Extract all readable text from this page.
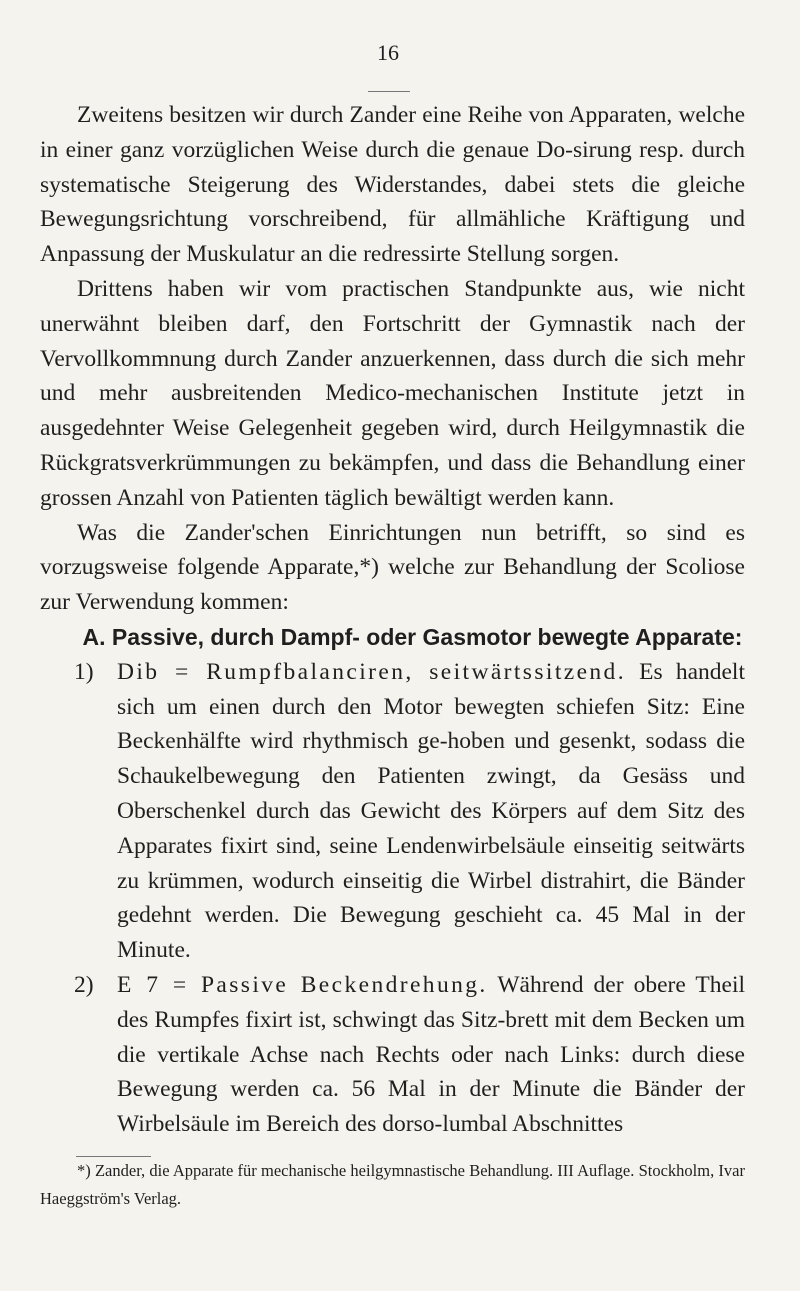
16

Zweitens besitzen wir durch Zander eine Reihe von Apparaten, welche in einer ganz vorzüglichen Weise durch die genaue Do-sirung resp. durch systematische Steigerung des Widerstandes, dabei stets die gleiche Bewegungsrichtung vorschreibend, für allmähliche Kräftigung und Anpassung der Muskulatur an die redressirte Stellung sorgen.

Drittens haben wir vom practischen Standpunkte aus, wie nicht unerwähnt bleiben darf, den Fortschritt der Gymnastik nach der Vervollkommnung durch Zander anzuerkennen, dass durch die sich mehr und mehr ausbreitenden Medico-mechanischen Institute jetzt in ausgedehnter Weise Gelegenheit gegeben wird, durch Heilgymnastik die Rückgratsverkrümmungen zu bekämpfen, und dass die Behandlung einer grossen Anzahl von Patienten täglich bewältigt werden kann.

Was die Zander'schen Einrichtungen nun betrifft, so sind es vorzugsweise folgende Apparate,*) welche zur Behandlung der Scoliose zur Verwendung kommen:

A. Passive, durch Dampf- oder Gasmotor bewegte Apparate:

1) Dib = Rumpfbalanciren, seitwärtssitzend. Es handelt sich um einen durch den Motor bewegten schiefen Sitz: Eine Beckenhälfte wird rhythmisch ge-hoben und gesenkt, sodass die Schaukelbewegung den Patienten zwingt, da Gesäss und Oberschenkel durch das Gewicht des Körpers auf dem Sitz des Apparates fixirt sind, seine Lendenwirbelsäule einseitig seitwärts zu krümmen, wodurch einseitig die Wirbel distrahirt, die Bänder gedehnt werden. Die Bewegung geschieht ca. 45 Mal in der Minute.

2) E 7 = Passive Beckendrehung. Während der obere Theil des Rumpfes fixirt ist, schwingt das Sitz-brett mit dem Becken um die vertikale Achse nach Rechts oder nach Links: durch diese Bewegung werden ca. 56 Mal in der Minute die Bänder der Wirbelsäule im Bereich des dorso-lumbal Abschnittes

*) Zander, die Apparate für mechanische heilgymnastische Behandlung. III Auflage. Stockholm, Ivar Haeggström's Verlag.
